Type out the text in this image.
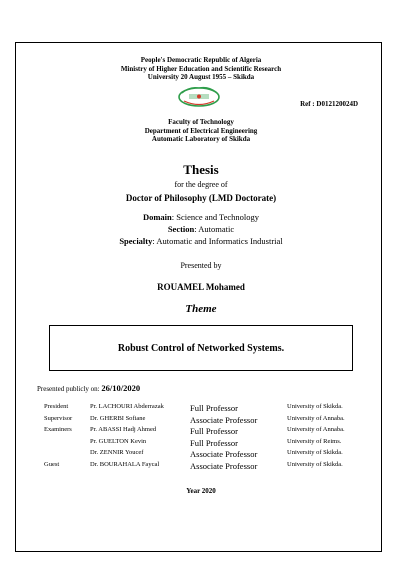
People's Democratic Republic of Algeria
Ministry of Higher Education and Scientific Research
University 20 August 1955 – Skikda
Ref : D012120024D
Faculty of Technology
Department of Electrical Engineering
Automatic Laboratory of Skikda
Thesis
for the degree of
Doctor of Philosophy (LMD Doctorate)
Domain: Science and Technology
Section: Automatic
Specialty: Automatic and Informatics Industrial
Presented by
ROUAMEL Mohamed
Theme
Robust Control of Networked Systems.
Presented publicly on: 26/10/2020
President	Pr. LACHOURI Abderrazak	Full Professor	University of Skikda.
Supervisor	Dr. GHERBI Sofiane	Associate Professor	University of Annaba.
Examiners	Pr. ABASSI Hadj Ahmed	Full Professor	University of Annaba.
	Pr. GUELTON Kevin	Full Professor	University of Reims.
	Dr. ZENNIR Youcef	Associate Professor	University of Skikda.
Guest	Dr. BOURAHALA Faycal	Associate Professor	University of Skikda.
Year 2020
